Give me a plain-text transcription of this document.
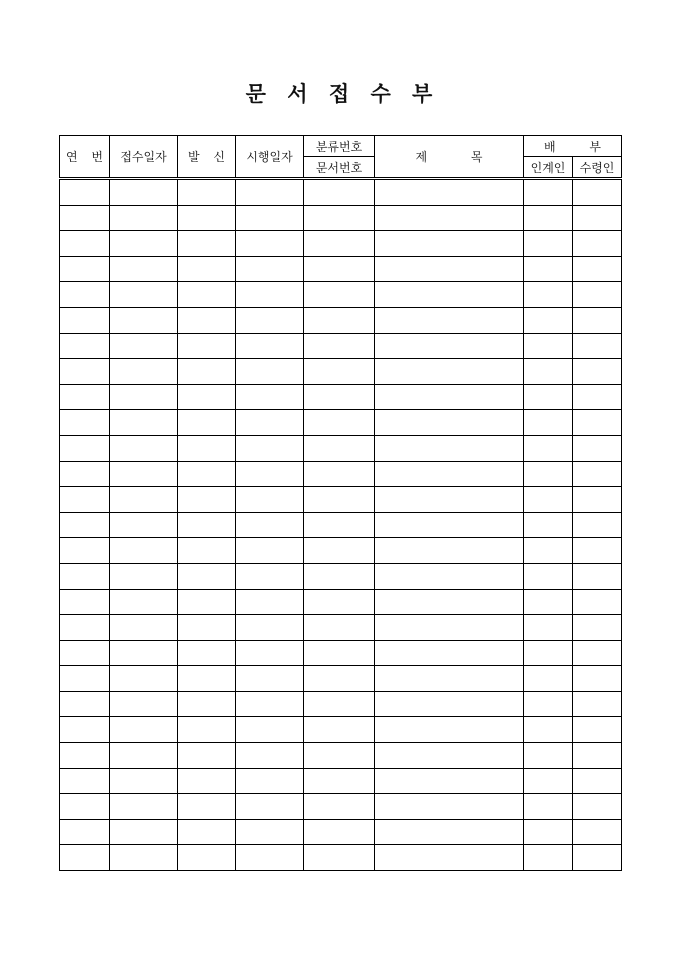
문 서 접 수 부
연 번	접수일자	발 신	시행일자	분류번호	제 목	배 부	
				문서번호		인계인	수령인
